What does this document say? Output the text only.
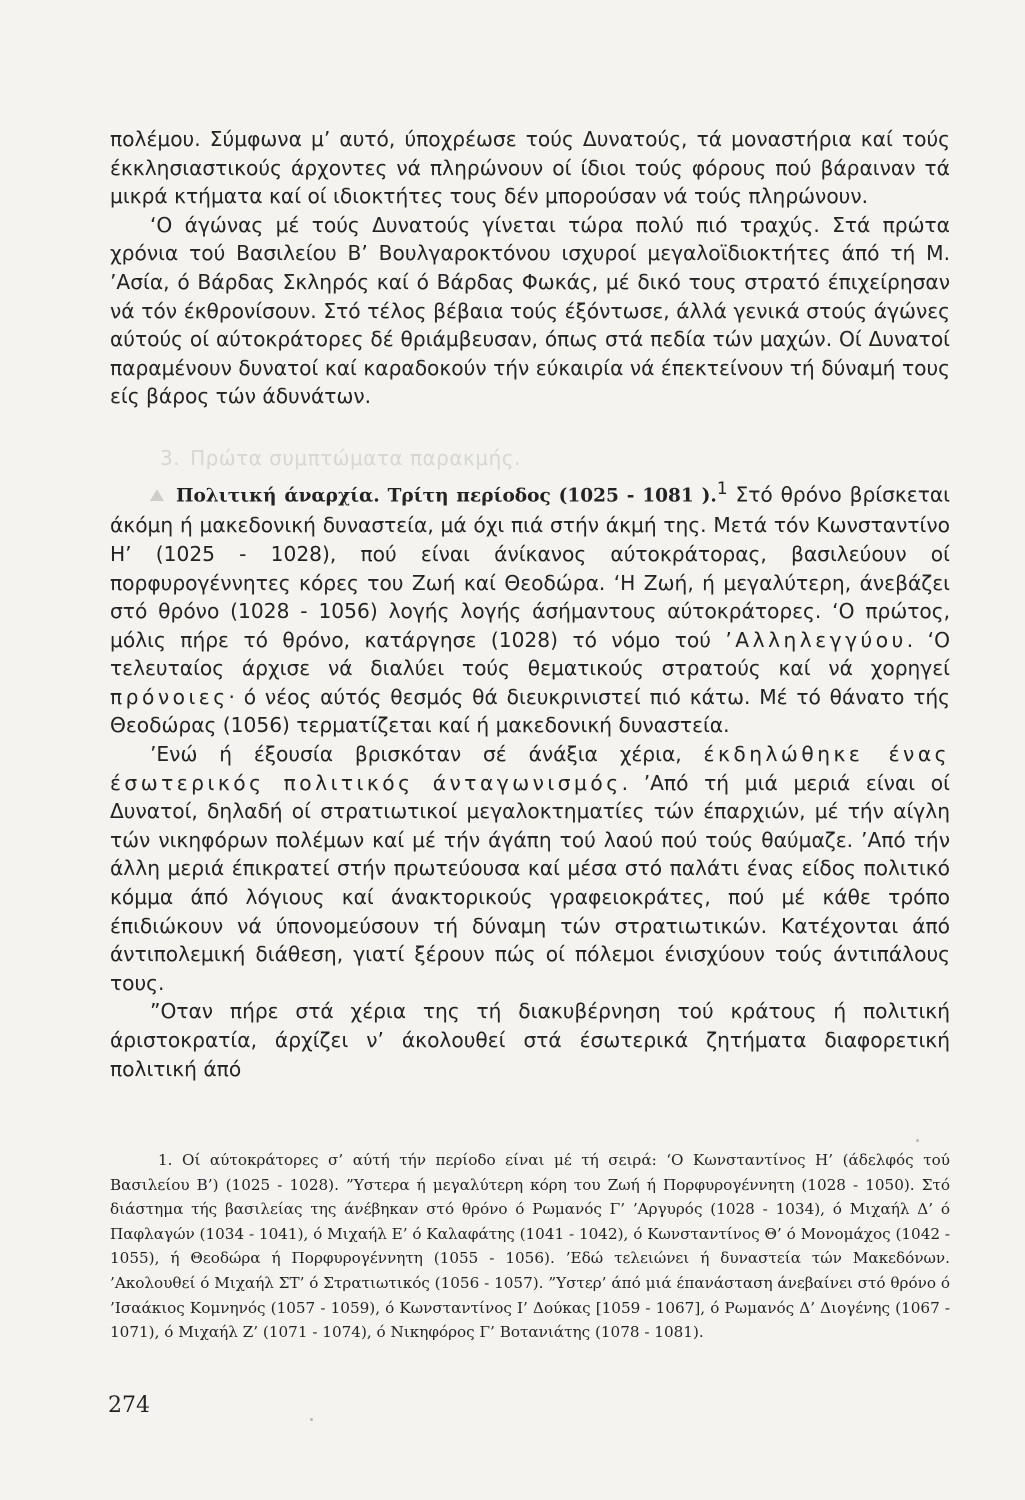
πολέμου. Σύμφωνα μ’ αυτό, ύποχρέωσε τούς Δυνατούς, τά μοναστήρια καί τούς έκκλησιαστικούς άρχοντες νά πληρώνουν οί ίδιοι τούς φόρους πού βάραιναν τά μικρά κτήματα καί οί ιδιοκτήτες τους δέν μπορούσαν νά τούς πληρώνουν.

‘Ο άγώνας μέ τούς Δυνατούς γίνεται τώρα πολύ πιό τραχύς. Στά πρώτα χρόνια τού Βασιλείου Β’ Βουλγαροκτόνου ισχυροί μεγαλοϊδιοκτήτες άπό τή Μ. ’Ασία, ό Βάρδας Σκληρός καί ό Βάρδας Φωκάς, μέ δικό τους στρατό έπιχείρησαν νά τόν έκθρονίσουν. Στό τέλος βέβαια τούς έξόντωσε, άλλά γενικά στούς άγώνες αύτούς οί αύτοκράτορες δέ θριάμβευσαν, όπως στά πεδία τών μαχών. Οί Δυνατοί παραμένουν δυνατοί καί καραδοκούν τήν εύκαιρία νά έπεκτείνουν τή δύναμή τους είς βάρος τών άδυνάτων.

3. Πρώτα συμπτώματα παρακμής.

Πολιτική άναρχία. Τρίτη περίοδος (1025 - 1081 ).$^1$ Στό θρόνο βρίσκεται άκόμη ή μακεδονική δυναστεία, μά όχι πιά στήν άκμή της. Μετά τόν Κωνσταντίνο Η’ (1025 - 1028), πού είναι άνίκανος αύτοκράτορας, βασιλεύουν οί πορφυρογέννητες κόρες του Ζωή καί Θεοδώρα. ‘Η Ζωή, ή μεγαλύτερη, άνεβάζει στό θρόνο (1028 - 1056) λογής λογής άσήμαντους αύτοκράτορες. ‘Ο πρώτος, μόλις πήρε τό θρόνο, κατάργησε (1028) τό νόμο τού ’Αλληλεγγύου. ‘Ο τελευταίος άρχισε νά διαλύει τούς θεματικούς στρατούς καί νά χορηγεί πρόνοιες· ό νέος αύτός θεσμός θά διευκρινιστεί πιό κάτω. Μέ τό θάνατο τής Θεοδώρας (1056) τερματίζεται καί ή μακεδονική δυναστεία.

’Ενώ ή έξουσία βρισκόταν σέ άνάξια χέρια, έκδηλώθηκε ένας έσωτερικός πολιτικός άνταγωνισμός. ’Από τή μιά μεριά είναι οί Δυνατοί, δηλαδή οί στρατιωτικοί μεγαλοκτηματίες τών έπαρχιών, μέ τήν αίγλη τών νικηφόρων πολέμων καί μέ τήν άγάπη τού λαού πού τούς θαύμαζε. ’Από τήν άλλη μεριά έπικρατεί στήν πρωτεύουσα καί μέσα στό παλάτι ένας είδος πολιτικό κόμμα άπό λόγιους καί άνακτορικούς γραφειοκράτες, πού μέ κάθε τρόπο έπιδιώκουν νά ύπονομεύσουν τή δύναμη τών στρατιωτικών. Κατέχονται άπό άντιπολεμική διάθεση, γιατί ξέρουν πώς οί πόλεμοι ένισχύουν τούς άντιπάλους τους.

”Οταν πήρε στά χέρια της τή διακυβέρνηση τού κράτους ή πολιτική άριστοκρατία, άρχίζει ν’ άκολουθεί στά έσωτερικά ζητήματα διαφορετική πολιτική άπό

1. Οί αύτοκράτορες σ’ αύτή τήν περίοδο είναι μέ τή σειρά: ‘Ο Κωνσταντίνος Η’ (άδελφός τού Βασιλείου Β’) (1025 - 1028). ”Υστερα ή μεγαλύτερη κόρη του Ζωή ή Πορφυρογέννητη (1028 - 1050). Στό διάστημα τής βασιλείας της άνέβηκαν στό θρόνο ό Ρωμανός Γ’ ’Αργυρός (1028 - 1034), ό Μιχαήλ Δ’ ό Παφλαγών (1034 - 1041), ό Μιχαήλ Ε’ ό Καλαφάτης (1041 - 1042), ό Κωνσταντίνος Θ’ ό Μονομάχος (1042 - 1055), ή Θεοδώρα ή Πορφυρογέννητη (1055 - 1056). ’Εδώ τελειώνει ή δυναστεία τών Μακεδόνων. ’Ακολουθεί ό Μιχαήλ ΣΤ’ ό Στρατιωτικός (1056 - 1057). ”Υστερ’ άπό μιά έπανάσταση άνεβαίνει στό θρόνο ό ’Ισαάκιος Κομνηνός (1057 - 1059), ό Κωνσταντίνος Ι’ Δούκας [1059 - 1067], ό Ρωμανός Δ’ Διογένης (1067 - 1071), ό Μιχαήλ Ζ’ (1071 - 1074), ό Νικηφόρος Γ’ Βοτανιάτης (1078 - 1081).

274
